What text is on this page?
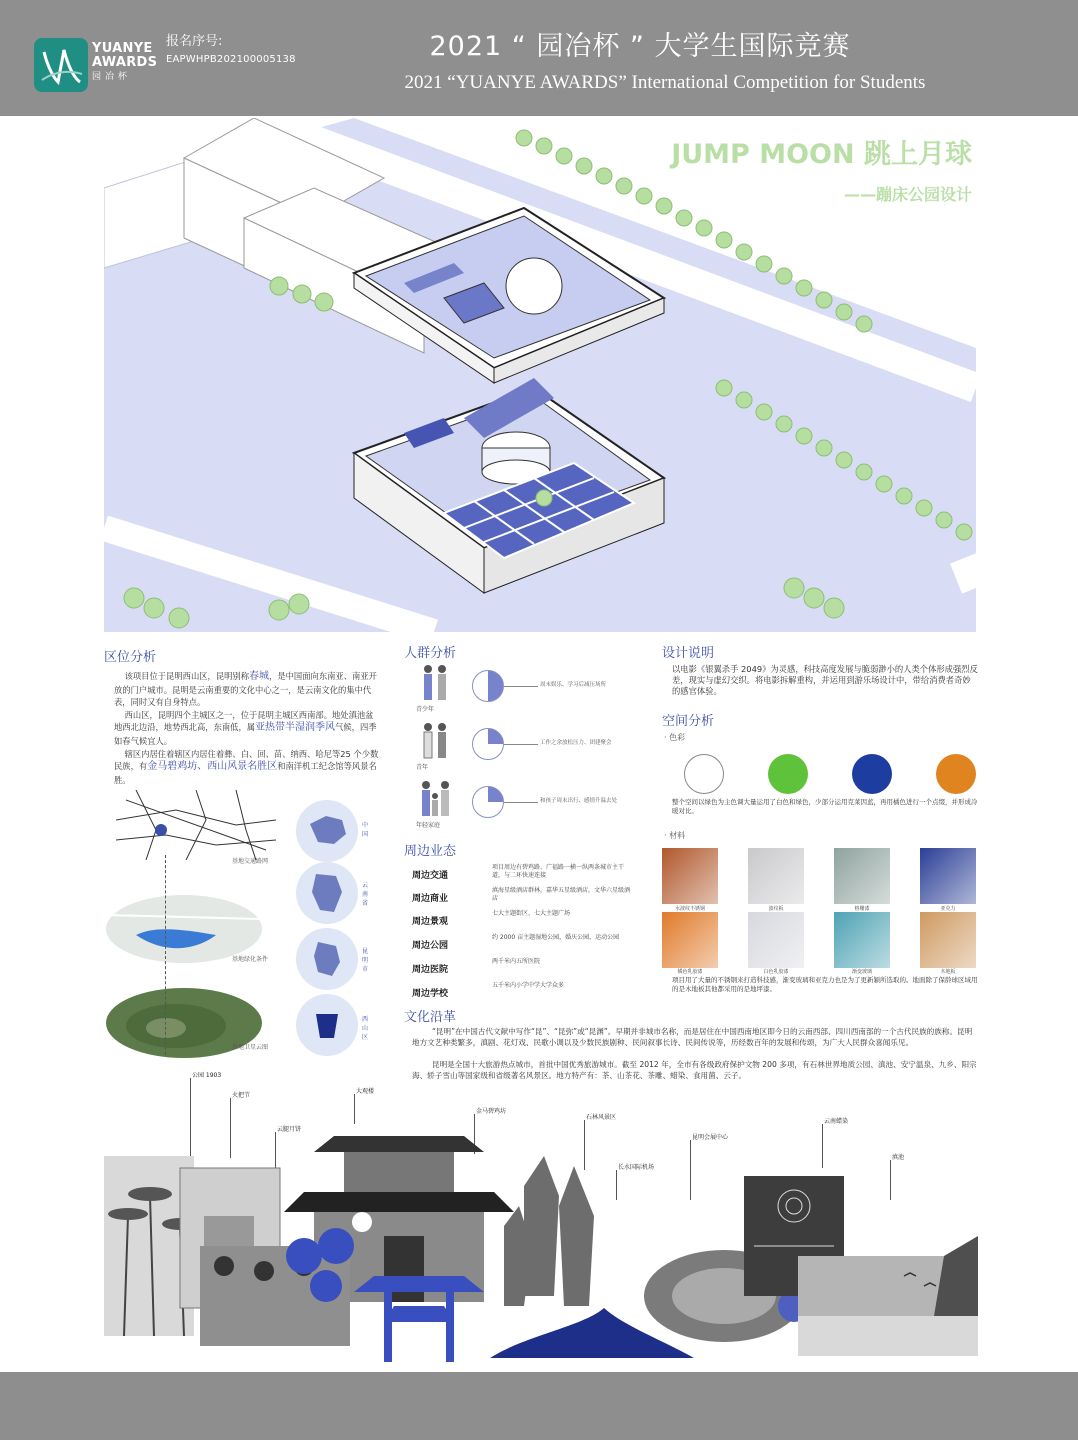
YUANYE
AWARDS
园冶杯
报名序号:
EAPWHPB202100005138	2021 “ 园冶杯 ” 大学生国际竞赛
2021 “YUANYE AWARDS” International Competition for Students
JUMP MOON 跳上月球
——蹦床公园设计
区位分析
该项目位于昆明西山区，昆明别称春城，是中国面向东南亚、南亚开放的门户城市。昆明是云南重要的文化中心之一，是云南文化的集中代表，同时又有自身特点。
西山区，昆明四个主城区之一，位于昆明主城区西南部。地处滇池盆地西北边沿，地势西北高，东南低，属亚热带半湿润季风气候，四季如春气候宜人。
辖区内居住着辖区内居住着彝、白、回、苗、纳西、哈尼等25 个少数民族，有金马碧鸡坊、西山风景名胜区和南洋机工纪念馆等风景名胜。
基地交通路网
基地绿化条件
基地卫星云图
中国
云南省
昆明市
西山区
人群分析
青少年
周末娱乐、学习后减压场所
青年
工作之余放松压力、团建聚会
年轻家庭
和孩子周末出行、感情升温去处
周边业态
周边交通
项目周边有碧鸡路、广福路一横一纵两条城市主干道，与二环快速连接
周边商业
滇海星级酒店群林，嘉华五星级酒店，文华六星级酒店
周边景观
七大主题街区、七大主题广场
周边公园
约 2000 亩主题湿地公园，婚庆公园，运动公园
周边医院
两千米内五所医院
周边学校
五千米内小学中学大学众多
设计说明
以电影《银翼杀手 2049》为灵感，科技高度发展与脆弱渺小的人类个体形成强烈反差，现实与虚幻交织。将电影拆解重构，并运用到游乐场设计中，带给消费者奇妙的感官体验。
空间分析
· 色彩
整个空间以绿色为主色调大量运用了白色和绿色，少部分运用克莱因蓝，再用橘色进行一个点缀，并形成冷暖对比。
· 材料
水波纹不锈钢	波纹板	格栅漆	亚克力
橘色乳胶漆	白色乳胶漆	渐变玻璃	木地板
项目用了大量的不锈钢来打造科技感，渐变玻璃和亚克力也是为了更新颖所选取的。地面除了保龄球区域用的是木地板其他都采用的是地坪漆。
文化沿革
“昆明”在中国古代文献中写作“昆”、“昆弥”或“昆渊”。早期并非城市名称，而是居住在中国西南地区即今日的云南西部、四川西南部的一个古代民族的族称。昆明地方文艺种类繁多，滇剧、花灯戏、民歌小调以及少数民族剧种、民间叙事长诗、民间传说等，历经数百年的发展和传颂，为广大人民群众喜闻乐见。
昆明是全国十大旅游热点城市，首批中国优秀旅游城市。截至 2012 年，全市有各级政府保护文物 200 多项，有石林世界地质公园、滇池、安宁温泉、九乡、阳宗海、轿子雪山等国家级和省级著名风景区。地方特产有：茶、山茶花、茶雕、蜡染、食用菌、云子。
公园 1903
火把节
云腿月饼
大观楼
金马碧鸡坊
石林风景区
长水国际机场
昆明会展中心
云南蜡染
滇池
